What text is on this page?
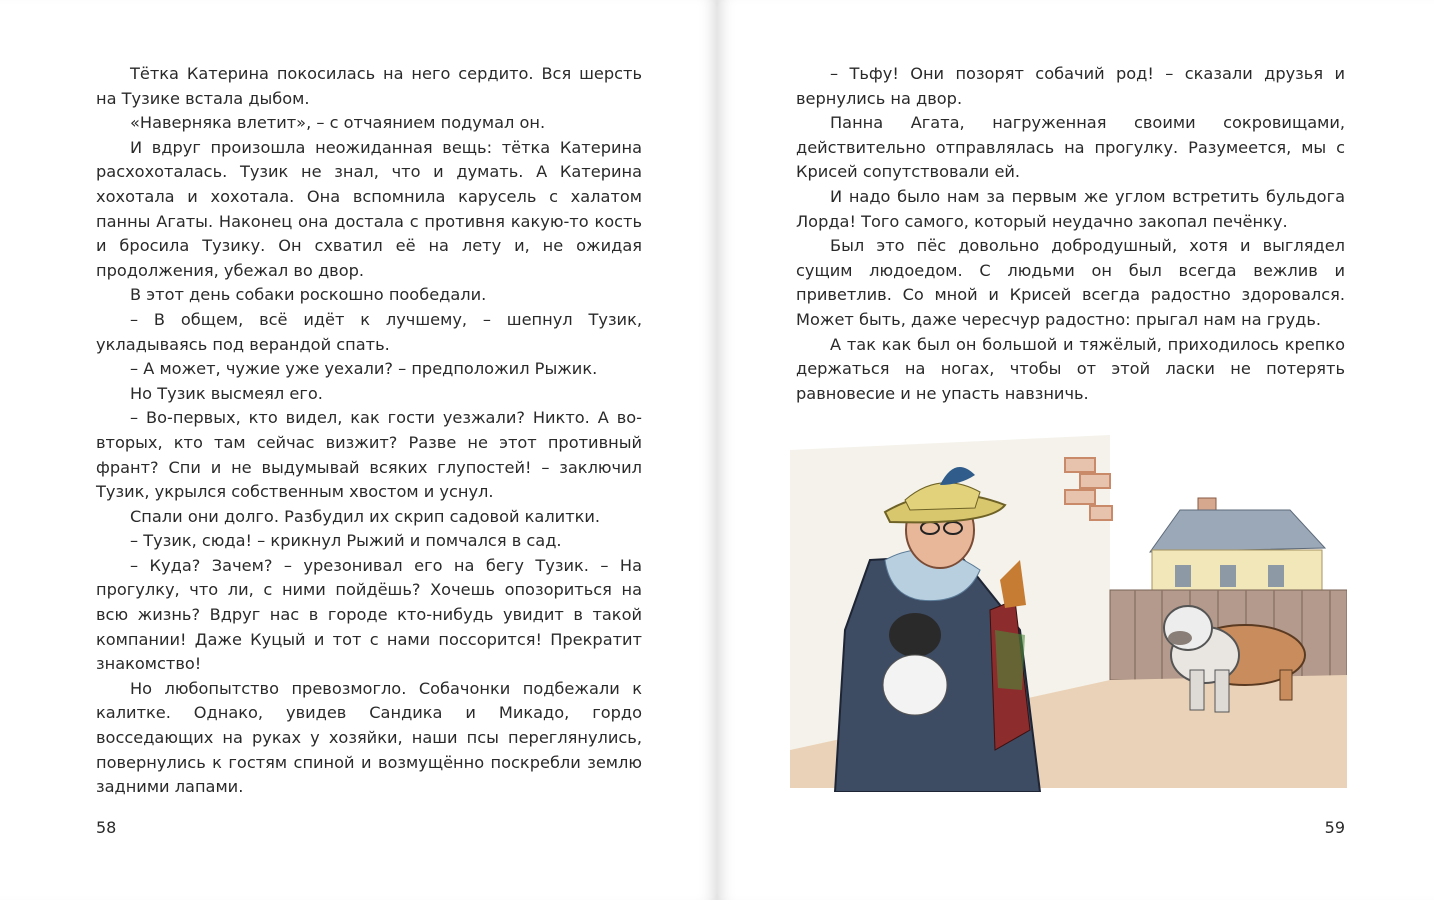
Тётка Катерина покосилась на него сердито. Вся шерсть на Тузике встала дыбом.

«Наверняка влетит», – с отчаянием подумал он.

И вдруг произошла неожиданная вещь: тётка Катерина расхохоталась. Тузик не знал, что и думать. А Катерина хохотала и хохотала. Она вспомнила карусель с халатом панны Агаты. Наконец она достала с противня какую-то кость и бросила Тузику. Он схватил её на лету и, не ожидая продолжения, убежал во двор.

В этот день собаки роскошно пообедали.

– В общем, всё идёт к лучшему, – шепнул Тузик, укладываясь под верандой спать.

– А может, чужие уже уехали? – предположил Рыжик.

Но Тузик высмеял его.

– Во-первых, кто видел, как гости уезжали? Никто. А во-вторых, кто там сейчас визжит? Разве не этот противный франт? Спи и не выдумывай всяких глупостей! – заключил Тузик, укрылся собственным хвостом и уснул.

Спали они долго. Разбудил их скрип садовой калитки.

– Тузик, сюда! – крикнул Рыжий и помчался в сад.

– Куда? Зачем? – урезонивал его на бегу Тузик. – На прогулку, что ли, с ними пойдёшь? Хочешь опозориться на всю жизнь? Вдруг нас в городе кто-нибудь увидит в такой компании! Даже Куцый и тот с нами поссорится! Прекратит знакомство!

Но любопытство превозмогло. Собачонки подбежали к калитке. Однако, увидев Сандика и Микадо, гордо восседающих на руках у хозяйки, наши псы переглянулись, повернулись к гостям спиной и возмущённо поскребли землю задними лапами.

58

– Тьфу! Они позорят собачий род! – сказали друзья и вернулись на двор.

Панна Агата, нагруженная своими сокровищами, действительно отправлялась на прогулку. Разумеется, мы с Крисей сопутствовали ей.

И надо было нам за первым же углом встретить бульдога Лорда! Того самого, который неудачно закопал печёнку.

Был это пёс довольно добродушный, хотя и выглядел сущим людоедом. С людьми он был всегда вежлив и приветлив. Со мной и Крисей всегда радостно здоровался. Может быть, даже чересчур радостно: прыгал нам на грудь.

А так как был он большой и тяжёлый, приходилось крепко держаться на ногах, чтобы от этой ласки не потерять равновесие и не упасть навзничь.

59
